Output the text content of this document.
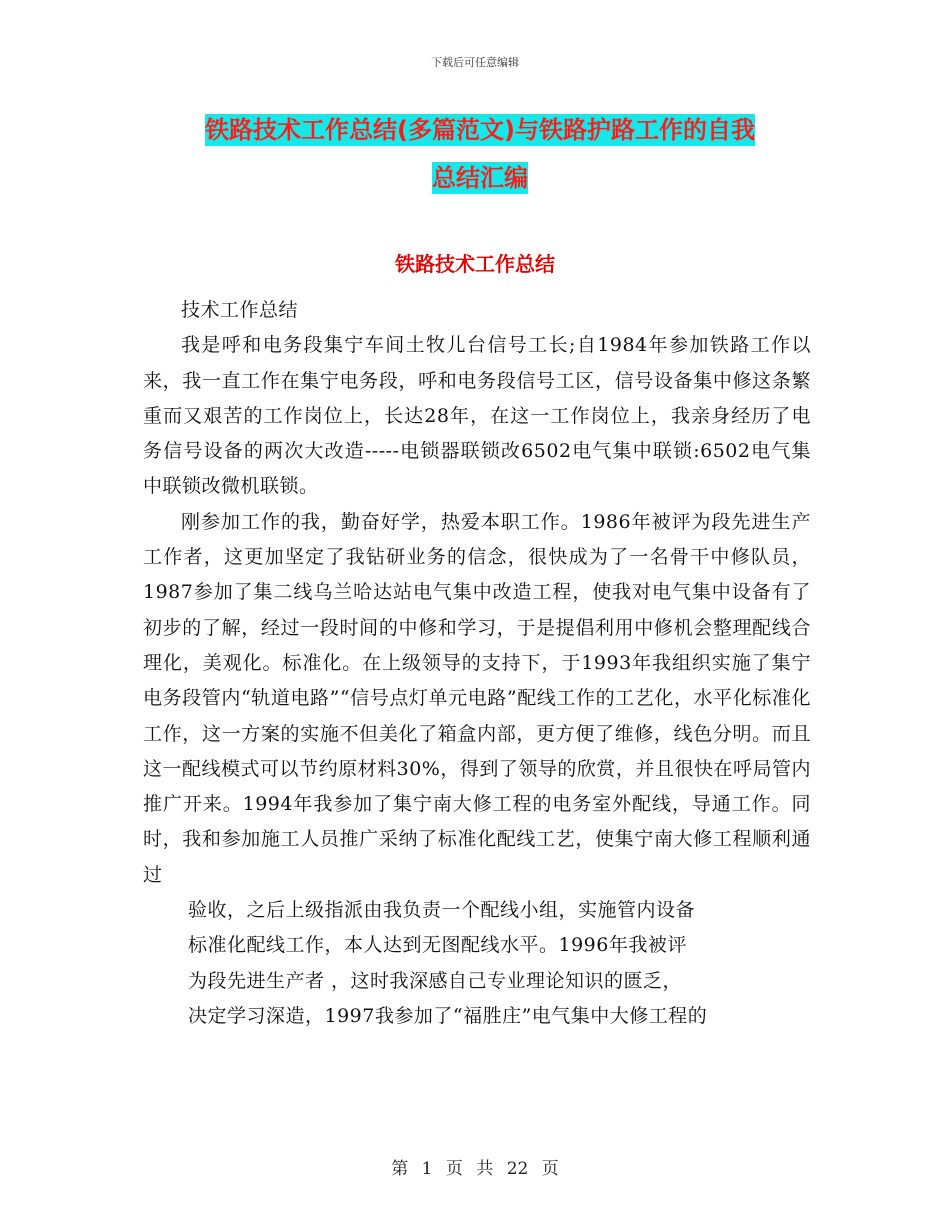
下载后可任意编辑
铁路技术工作总结(多篇范文)与铁路护路工作的自我
总结汇编
铁路技术工作总结

技术工作总结

我是呼和电务段集宁车间土牧儿台信号工长;自1984年参加铁路工作以来，我一直工作在集宁电务段，呼和电务段信号工区，信号设备集中修这条繁重而又艰苦的工作岗位上，长达28年，在这一工作岗位上，我亲身经历了电务信号设备的两次大改造-----电锁器联锁改6502电气集中联锁:6502电气集中联锁改微机联锁。

刚参加工作的我，勤奋好学，热爱本职工作。1986年被评为段先进生产工作者，这更加坚定了我钻研业务的信念，很快成为了一名骨干中修队员，1987参加了集二线乌兰哈达站电气集中改造工程，使我对电气集中设备有了初步的了解，经过一段时间的中修和学习，于是提倡利用中修机会整理配线合理化，美观化。标准化。在上级领导的支持下，于1993年我组织实施了集宁电务段管内“轨道电路”“信号点灯单元电路”配线工作的工艺化，水平化标准化工作，这一方案的实施不但美化了箱盒内部，更方便了维修，线色分明。而且这一配线模式可以节约原材料30%，得到了领导的欣赏，并且很快在呼局管内推广开来。1994年我参加了集宁南大修工程的电务室外配线，导通工作。同时，我和参加施工人员推广采纳了标准化配线工艺，使集宁南大修工程顺利通过

验收，之后上级指派由我负责一个配线小组，实施管内设备

标准化配线工作，本人达到无图配线水平。1996年我被评

为段先进生产者 ，这时我深感自己专业理论知识的匮乏，

决定学习深造，1997我参加了“福胜庄”电气集中大修工程的

第 1 页 共 22 页
